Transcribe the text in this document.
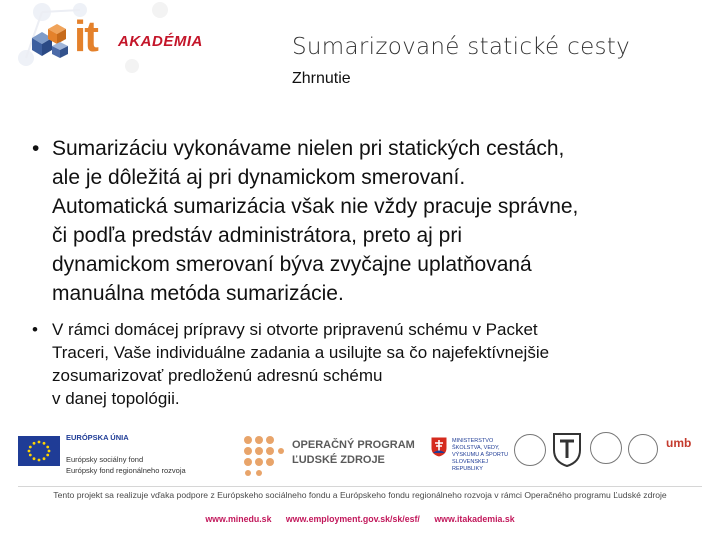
it AKADÉMIA	Sumarizované statické cesty
Zhrnutie
• Sumarizáciu vykonávame nielen pri statických cestách,
ale je dôležitá aj pri dynamickom smerovaní.
Automatická sumarizácia však nie vždy pracuje správne,
či podľa predstáv administrátora, preto aj pri
dynamickom smerovaní býva zvyčajne uplatňovaná
manuálna metóda sumarizácie.
• V rámci domácej prípravy si otvorte pripravenú schému v Packet
Traceri, Vaše individuálne zadania a usilujte sa čo najefektívnejšie
zosumarizovať predloženú adresnú schému
v danej topológii.
EURÓPSKA ÚNIA

Európsky sociálny fond
Európsky fond regionálneho rozvoja
OPERAČNÝ PROGRAM
ĽUDSKÉ ZDROJE
MINISTERSTVO
ŠKOLSTVA, VEDY,
VÝSKUMU A ŠPORTU
SLOVENSKEJ
REPUBLIKY
umb
Tento projekt sa realizuje vďaka podpore z Európskeho sociálneho fondu a Európskeho fondu regionálneho rozvoja v rámci Operačného programu Ľudské zdroje
www.minedu.sk www.employment.gov.sk/sk/esf/ www.itakademia.sk
